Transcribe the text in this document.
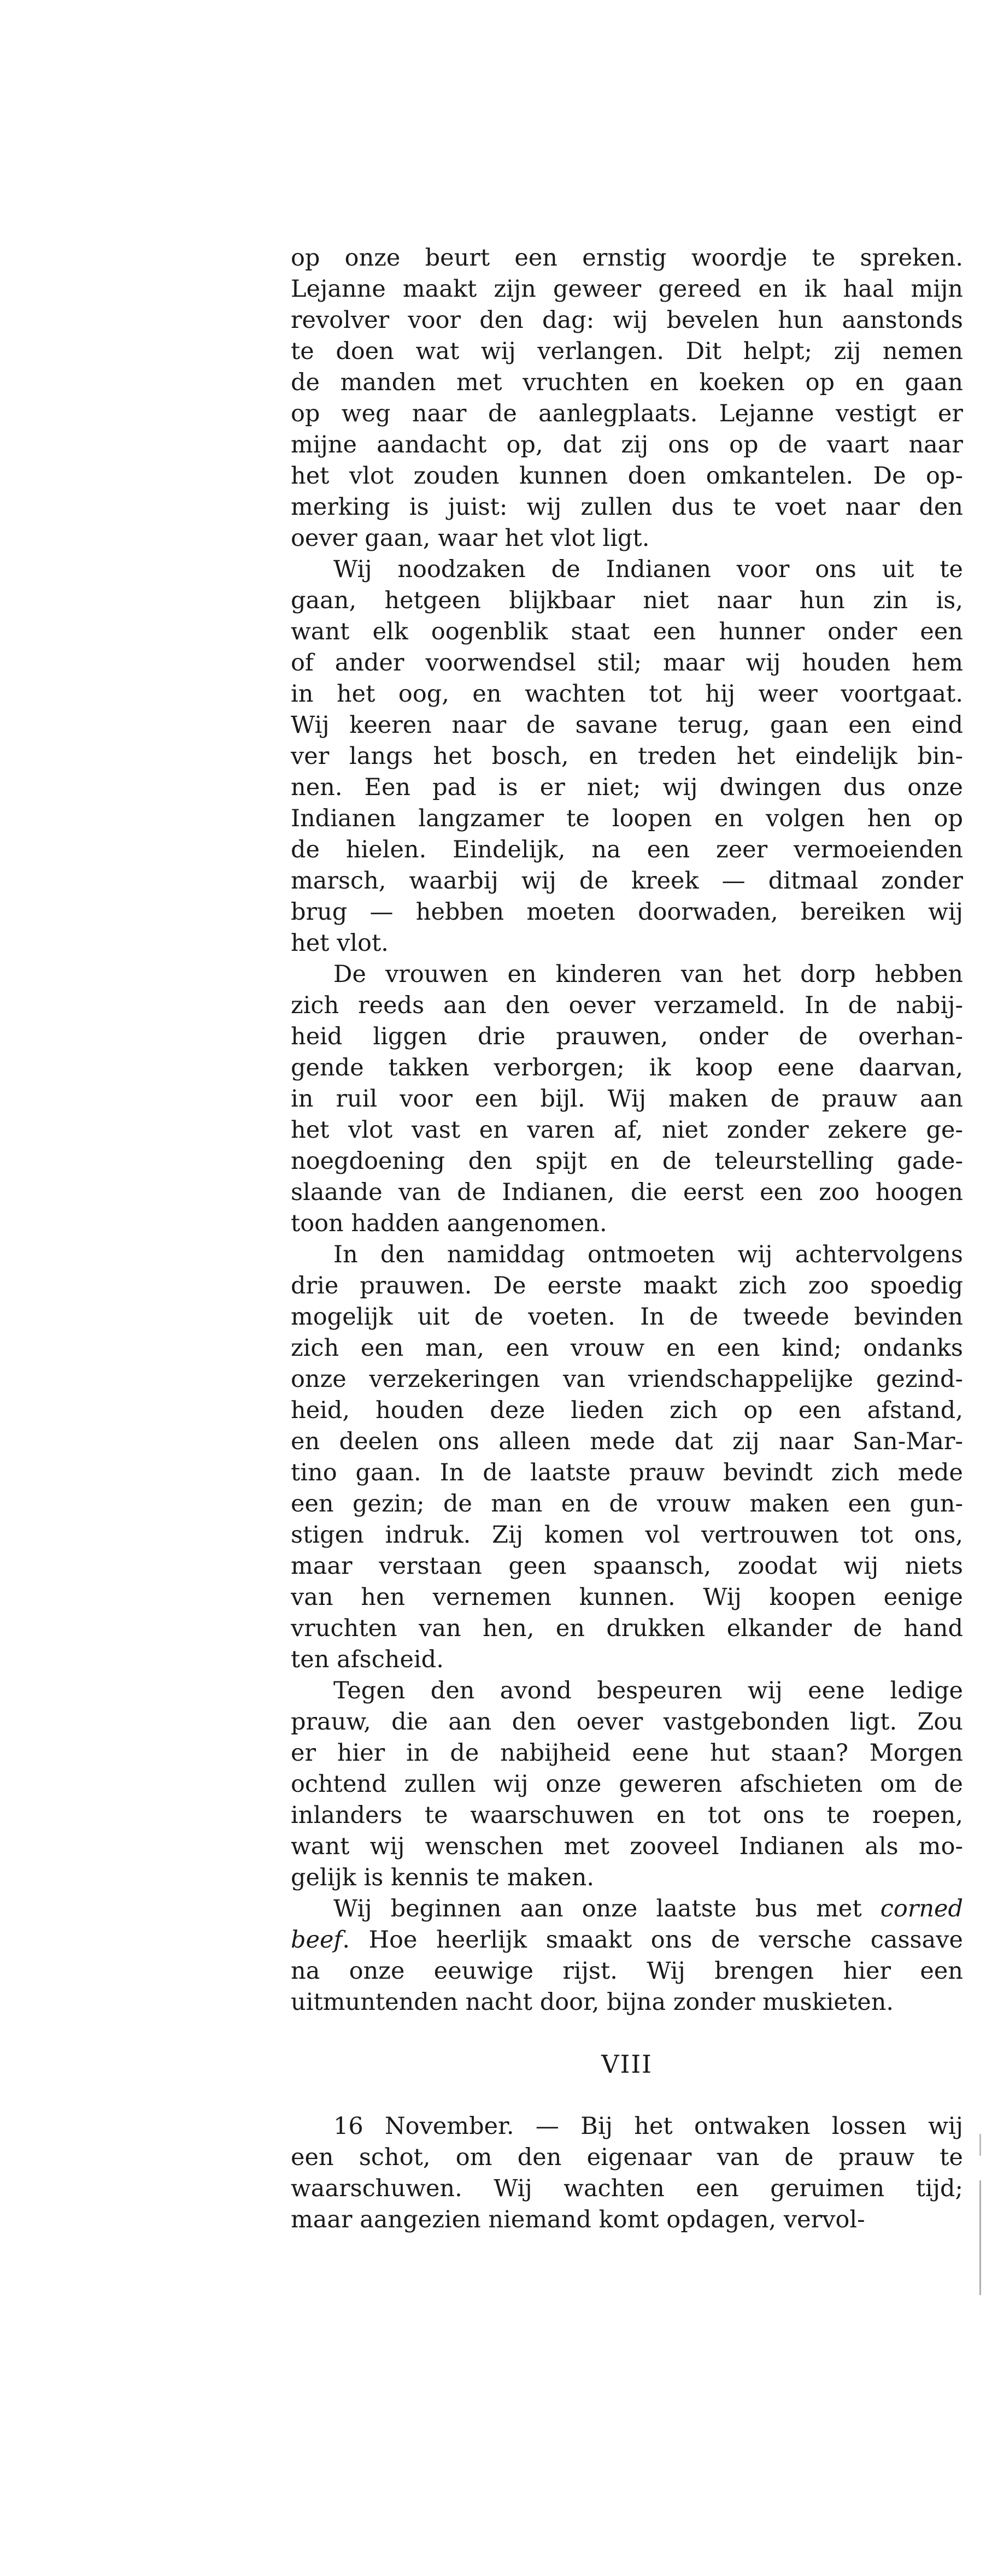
op onze beurt een ernstig woordje te spreken.
Lejanne maakt zijn geweer gereed en ik haal mijn
revolver voor den dag: wij bevelen hun aanstonds
te doen wat wij verlangen. Dit helpt; zij nemen
de manden met vruchten en koeken op en gaan
op weg naar de aanlegplaats. Lejanne vestigt er
mijne aandacht op, dat zij ons op de vaart naar
het vlot zouden kunnen doen omkantelen. De op-
merking is juist: wij zullen dus te voet naar den
oever gaan, waar het vlot ligt.
Wij noodzaken de Indianen voor ons uit te
gaan, hetgeen blijkbaar niet naar hun zin is,
want elk oogenblik staat een hunner onder een
of ander voorwendsel stil; maar wij houden hem
in het oog, en wachten tot hij weer voortgaat.
Wij keeren naar de savane terug, gaan een eind
ver langs het bosch, en treden het eindelijk bin-
nen. Een pad is er niet; wij dwingen dus onze
Indianen langzamer te loopen en volgen hen op
de hielen. Eindelijk, na een zeer vermoeienden
marsch, waarbij wij de kreek — ditmaal zonder
brug — hebben moeten doorwaden, bereiken wij
het vlot.
De vrouwen en kinderen van het dorp hebben
zich reeds aan den oever verzameld. In de nabij-
heid liggen drie prauwen, onder de overhan-
gende takken verborgen; ik koop eene daarvan,
in ruil voor een bijl. Wij maken de prauw aan
het vlot vast en varen af, niet zonder zekere ge-
noegdoening den spijt en de teleurstelling gade-
slaande van de Indianen, die eerst een zoo hoogen
toon hadden aangenomen.
In den namiddag ontmoeten wij achtervolgens
drie prauwen. De eerste maakt zich zoo spoedig
mogelijk uit de voeten. In de tweede bevinden
zich een man, een vrouw en een kind; ondanks
onze verzekeringen van vriendschappelijke gezind-
heid, houden deze lieden zich op een afstand,
en deelen ons alleen mede dat zij naar San-Mar-
tino gaan. In de laatste prauw bevindt zich mede
een gezin; de man en de vrouw maken een gun-
stigen indruk. Zij komen vol vertrouwen tot ons,
maar verstaan geen spaansch, zoodat wij niets
van hen vernemen kunnen. Wij koopen eenige
vruchten van hen, en drukken elkander de hand
ten afscheid.
Tegen den avond bespeuren wij eene ledige
prauw, die aan den oever vastgebonden ligt. Zou
er hier in de nabijheid eene hut staan? Morgen
ochtend zullen wij onze geweren afschieten om de
inlanders te waarschuwen en tot ons te roepen,
want wij wenschen met zooveel Indianen als mo-
gelijk is kennis te maken.
Wij beginnen aan onze laatste bus met corned
beef. Hoe heerlijk smaakt ons de versche cassave
na onze eeuwige rijst. Wij brengen hier een
uitmuntenden nacht door, bijna zonder muskieten.
VIII
16 November. — Bij het ontwaken lossen wij
een schot, om den eigenaar van de prauw te
waarschuwen. Wij wachten een geruimen tijd;
maar aangezien niemand komt opdagen, vervol-
